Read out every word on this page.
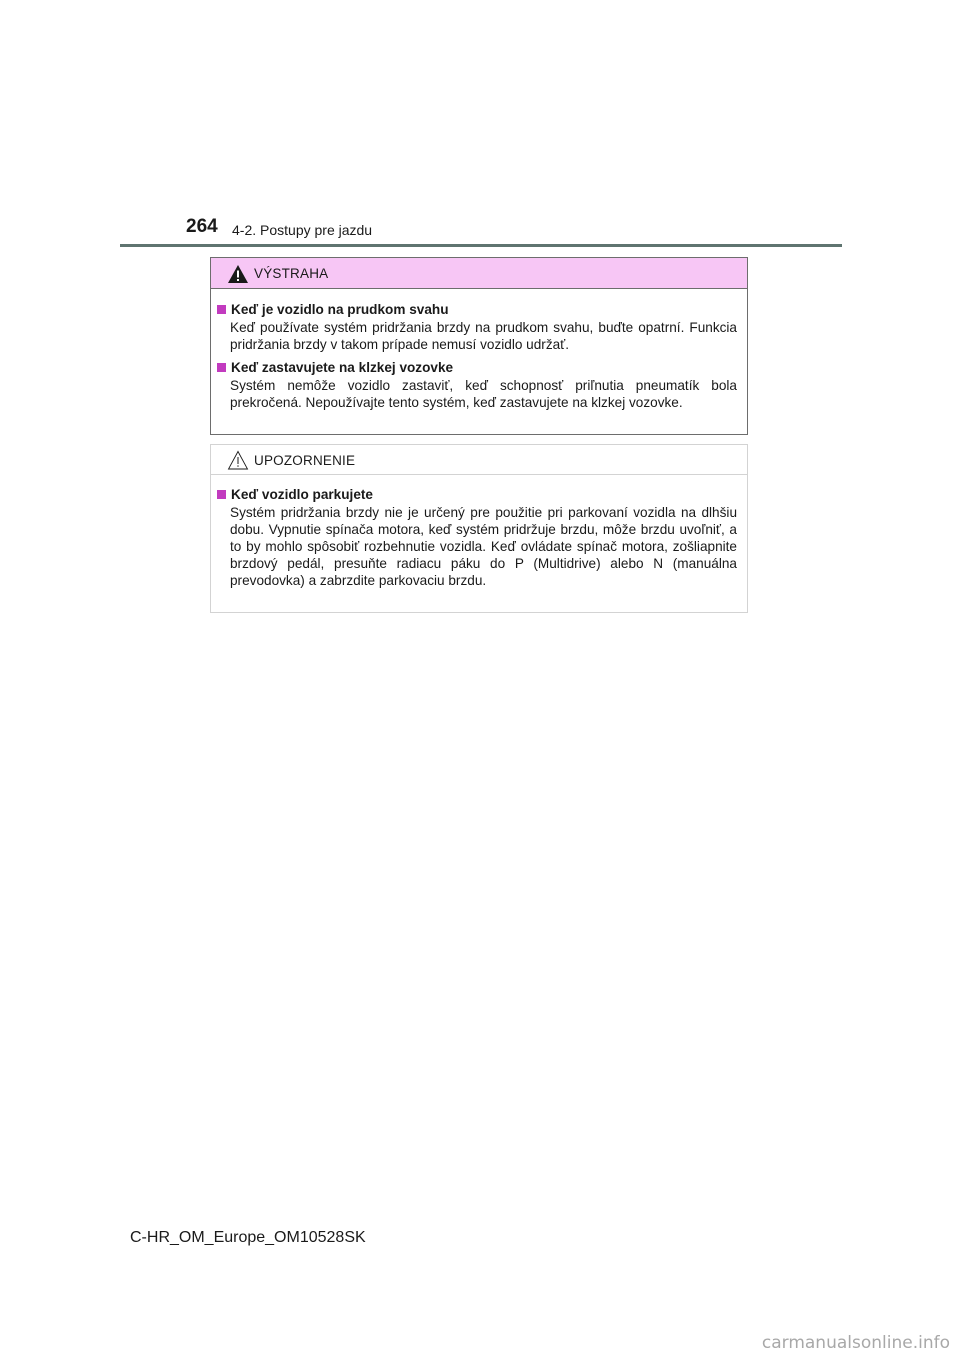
264 4-2. Postupy pre jazdu
VÝSTRAHA
Keď je vozidlo na prudkom svahu
Keď používate systém pridržania brzdy na prudkom svahu, buďte opatrní. Funkcia pridržania brzdy v takom prípade nemusí vozidlo udržať.
Keď zastavujete na klzkej vozovke
Systém nemôže vozidlo zastaviť, keď schopnosť priľnutia pneumatík bola prekročená. Nepoužívajte tento systém, keď zastavujete na klzkej vozovke.
UPOZORNENIE
Keď vozidlo parkujete
Systém pridržania brzdy nie je určený pre použitie pri parkovaní vozidla na dlhšiu dobu. Vypnutie spínača motora, keď systém pridržuje brzdu, môže brzdu uvoľniť, a to by mohlo spôsobiť rozbehnutie vozidla. Keď ovládate spínač motora, zošliapnite brzdový pedál, presuňte radiacu páku do P (Multidrive) alebo N (manuálna prevodovka) a zabrzdite parkovaciu brzdu.
C-HR_OM_Europe_OM10528SK
carmanualsonline.info
